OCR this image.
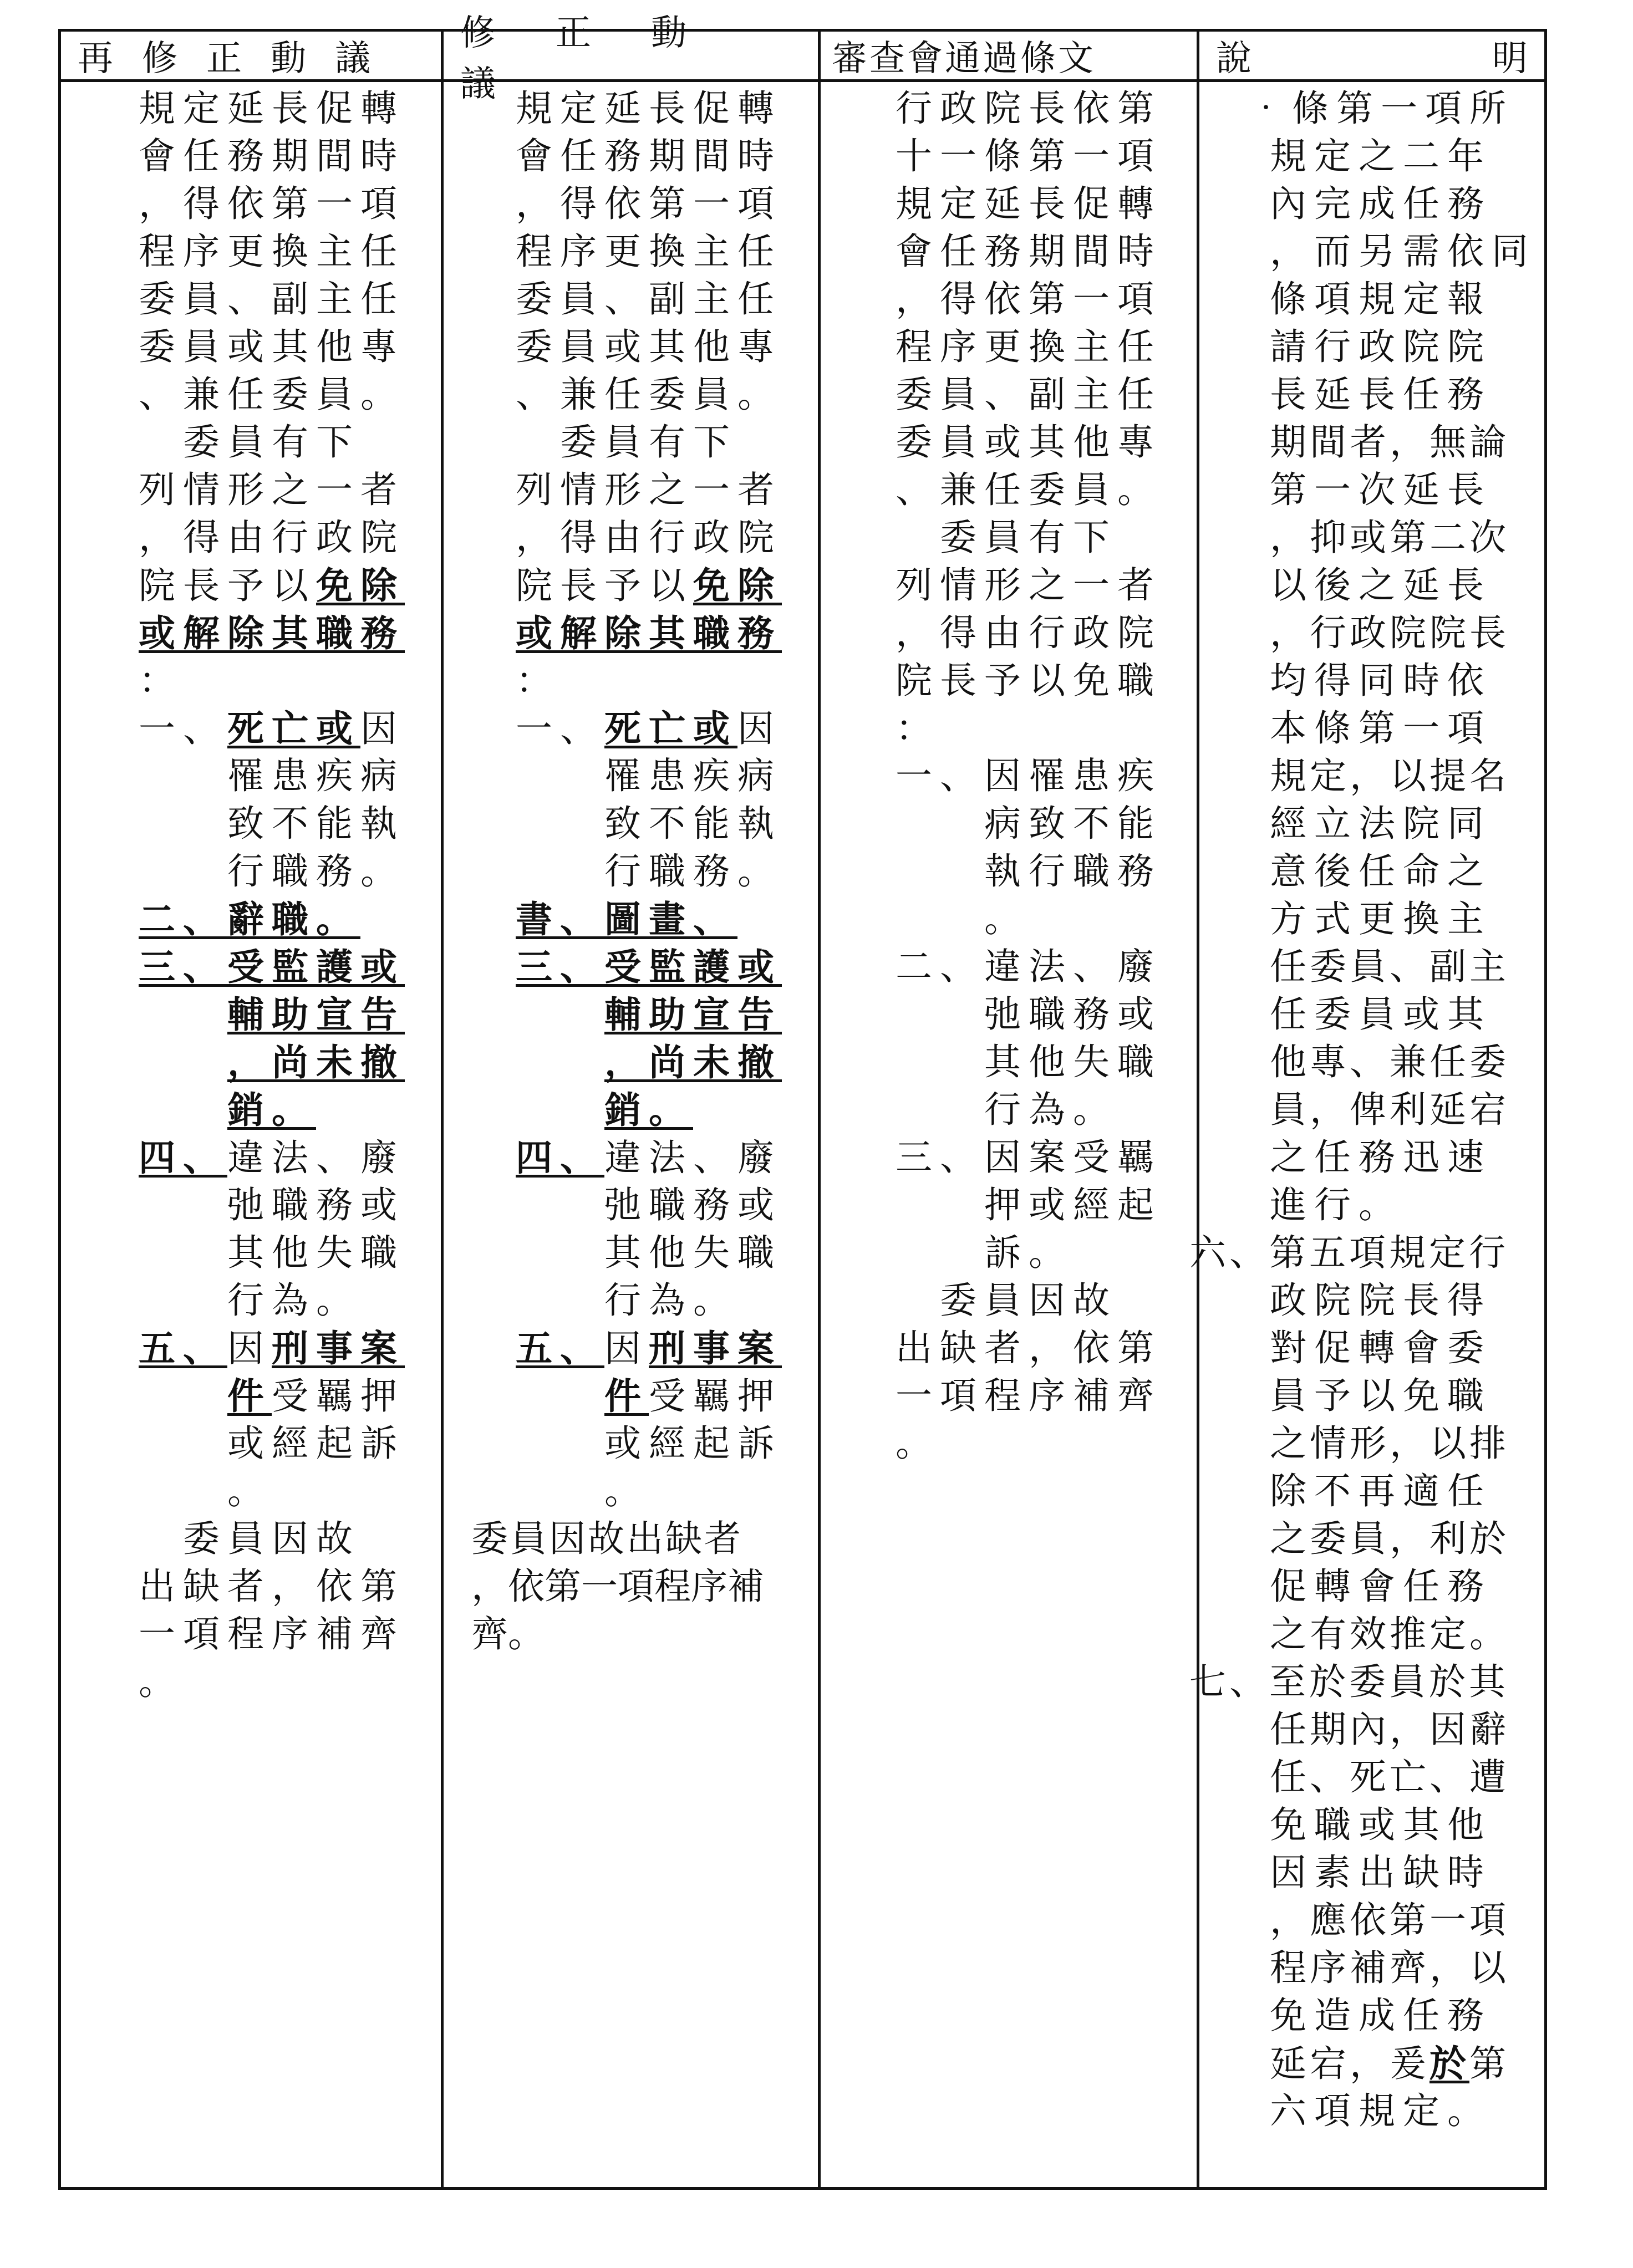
再修正動議
修正動議
審查會通過條文	說	明
規定延長促轉
會任務期間時
，得依第一項
程序更換主任
委員、副主任
委員或其他專
、兼任委員。
　委員有下
列情形之一者
，得由行政院
院長予以免除
或解除其職務
：
一、死亡或因
罹患疾病
致不能執
行職務。
二、辭職。
三、受監護或
輔助宣告
，尚未撤
銷。
四、違法、廢
弛職務或
其他失職
行為。
五、因刑事案
件受羈押
或經起訴
。
　委員因故
出缺者，依第
一項程序補齊
。
規定延長促轉
會任務期間時
，得依第一項
程序更換主任
委員、副主任
委員或其他專
、兼任委員。
　委員有下
列情形之一者
，得由行政院
院長予以免除
或解除其職務
：
一、死亡或因
罹患疾病
致不能執
行職務。
書、圖畫、
三、受監護或
輔助宣告
，尚未撤
銷。
四、違法、廢
弛職務或
其他失職
行為。
五、因刑事案
件受羈押
或經起訴
。
委員因故出缺者
，依第一項程序補
齊。
行政院長依第
十一條第一項
規定延長促轉
會任務期間時
，得依第一項
程序更換主任
委員、副主任
委員或其他專
、兼任委員。
　委員有下
列情形之一者
，得由行政院
院長予以免職
：
一、因罹患疾
病致不能
執行職務
。
二、違法、廢
弛職務或
其他失職
行為。
三、因案受羈
押或經起
訴。
　委員因故
出缺者，依第
一項程序補齊
。
‧條第一項所
規定之二年
內完成任務
，而另需依同
條項規定報
請行政院院
長延長任務
期間者，無論
第一次延長
，抑或第二次
以後之延長
，行政院院長
均得同時依
本條第一項
規定，以提名
經立法院同
意後任命之
方式更換主
任委員、副主
任委員或其
他專、兼任委
員，俾利延宕
之任務迅速
進行。
六、第五項規定行
政院院長得
對促轉會委
員予以免職
之情形，以排
除不再適任
之委員，利於
促轉會任務
之有效推定。
七、至於委員於其
任期內，因辭
任、死亡、遭
免職或其他
因素出缺時
，應依第一項
程序補齊，以
免造成任務
延宕，爰於第
六項規定。
